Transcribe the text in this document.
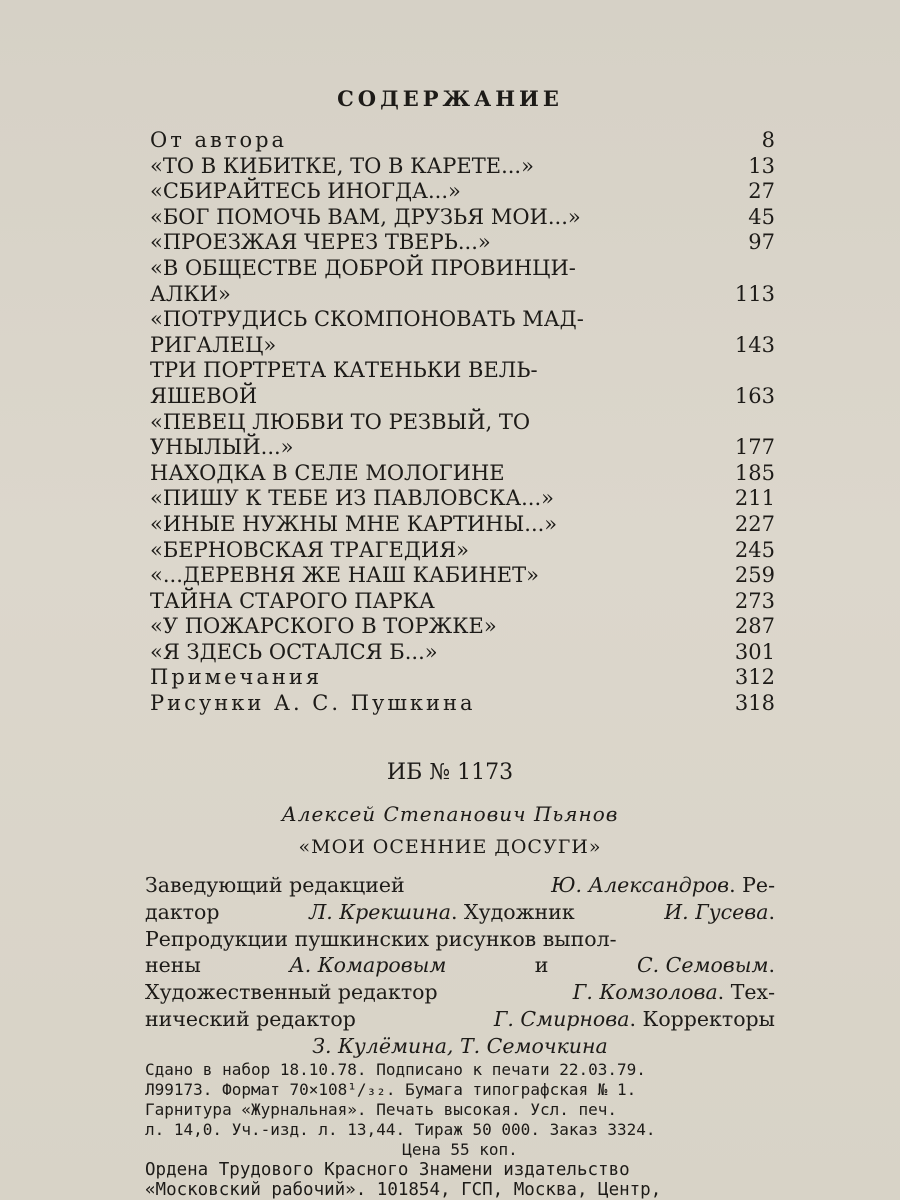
СОДЕРЖАНИЕ
От автора	8
«ТО В КИБИТКЕ, ТО В КАРЕТЕ...»	13
«СБИРАЙТЕСЬ ИНОГДА...»	27
«БОГ ПОМОЧЬ ВАМ, ДРУЗЬЯ МОИ...»	45
«ПРОЕЗЖАЯ ЧЕРЕЗ ТВЕРЬ...»	97
«В ОБЩЕСТВЕ ДОБРОЙ ПРОВИНЦИ-
АЛКИ»	113
«ПОТРУДИСЬ СКОМПОНОВАТЬ МАД-
РИГАЛЕЦ»	143
ТРИ ПОРТРЕТА КАТЕНЬКИ ВЕЛЬ-
ЯШЕВОЙ	163
«ПЕВЕЦ ЛЮБВИ ТО РЕЗВЫЙ, ТО
УНЫЛЫЙ...»	177
НАХОДКА В СЕЛЕ МОЛОГИНЕ	185
«ПИШУ К ТЕБЕ ИЗ ПАВЛОВСКА...»	211
«ИНЫЕ НУЖНЫ МНЕ КАРТИНЫ...»	227
«БЕРНОВСКАЯ ТРАГЕДИЯ»	245
«...ДЕРЕВНЯ ЖЕ НАШ КАБИНЕТ»	259
ТАЙНА СТАРОГО ПАРКА	273
«У ПОЖАРСКОГО В ТОРЖКЕ»	287
«Я ЗДЕСЬ ОСТАЛСЯ Б...»	301
Примечания	312
Рисунки А. С. Пушкина	318
ИБ № 1173
Алексей Степанович Пьянов
«МОИ ОСЕННИЕ ДОСУГИ»
Заведующий редакцией	Ю. Александров. Ре-
дактор	Л. Крекшина. Художник	И. Гусева.
Репродукции пушкинских рисунков выпол-
нены	А. Комаровым	и	С. Семовым.
Художественный редактор	Г. Комзолова. Тех-
нический редактор	Г. Смирнова. Корректоры
З. Кулёмина, Т. Семочкина
Сдано в набор 18.10.78. Подписано к печати 22.03.79.
Л99173. Формат 70×108¹/₃₂. Бумага типографская № 1.
Гарнитура «Журнальная». Печать высокая. Усл. печ.
л. 14,0. Уч.-изд. л. 13,44. Тираж 50 000. Заказ 3324.
Цена 55 коп.
Ордена Трудового Красного Знамени издательство
«Московский рабочий». 101854, ГСП, Москва, Центр,
